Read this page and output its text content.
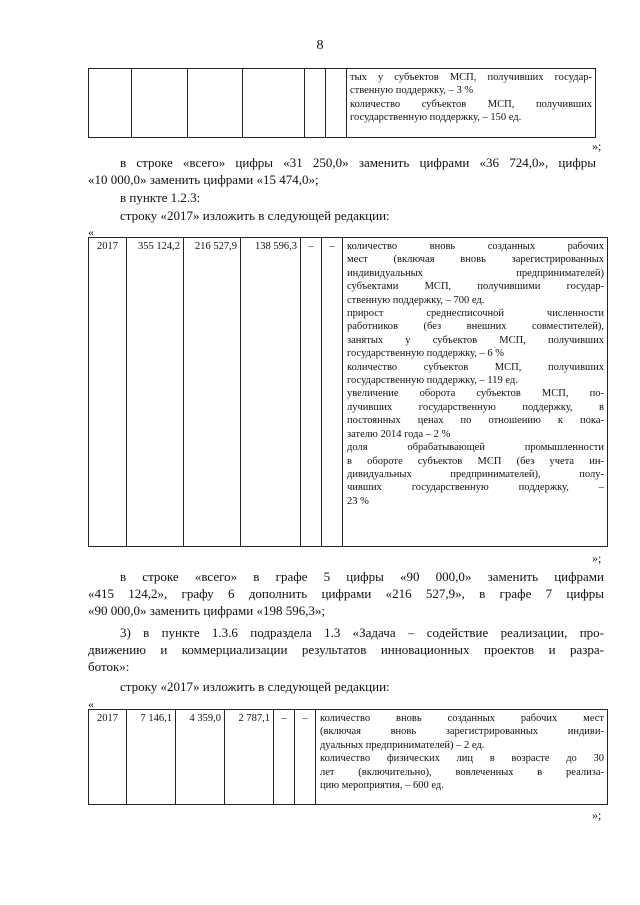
8

тых у субъектов МСП, получивших государ-
ственную поддержку, – 3 %
количество субъектов МСП, получивших
государственную поддержку, – 150 ед.
»;
в строке «всего» цифры «31 250,0» заменить цифрами «36 724,0», цифры
«10 000,0» заменить цифрами «15 474,0»;
в пункте 1.2.3:
строку «2017» изложить в следующей редакции:
«
2017	355 124,2	216 527,9	138 596,3	–	–	количество вновь созданных рабочих
мест (включая вновь зарегистрированных
индивидуальных предпринимателей)
субъектами МСП, получившими государ-
ственную поддержку, – 700 ед.
прирост среднесписочной численности
работников (без внешних совместителей),
занятых у субъектов МСП, получивших
государственную поддержку, – 6 %
количество субъектов МСП, получивших
государственную поддержку, – 119 ед.
увеличение оборота субъектов МСП, по-
лучивших государственную поддержку, в
постоянных ценах по отношению к пока-
зателю 2014 года – 2 %
доля обрабатывающей промышленности
в обороте субъектов МСП (без учета ин-
дивидуальных предпринимателей), полу-
чивших государственную поддержку, –
23 %
»;
в строке «всего» в графе 5 цифры «90 000,0» заменить цифрами
«415 124,2», графу 6 дополнить цифрами «216 527,9», в графе 7 цифры
«90 000,0» заменить цифрами «198 596,3»;
3) в пункте 1.3.6 подраздела 1.3 «Задача – содействие реализации, про-
движению и коммерциализации результатов инновационных проектов и разра-
боток»:
строку «2017» изложить в следующей редакции:
«
2017	7 146,1	4 359,0	2 787,1	–	–	количество вновь созданных рабочих мест
(включая вновь зарегистрированных индиви-
дуальных предпринимателей) – 2 ед.
количество физических лиц в возрасте до 30
лет (включительно), вовлеченных в реализа-
цию мероприятия, – 600 ед.
»;
